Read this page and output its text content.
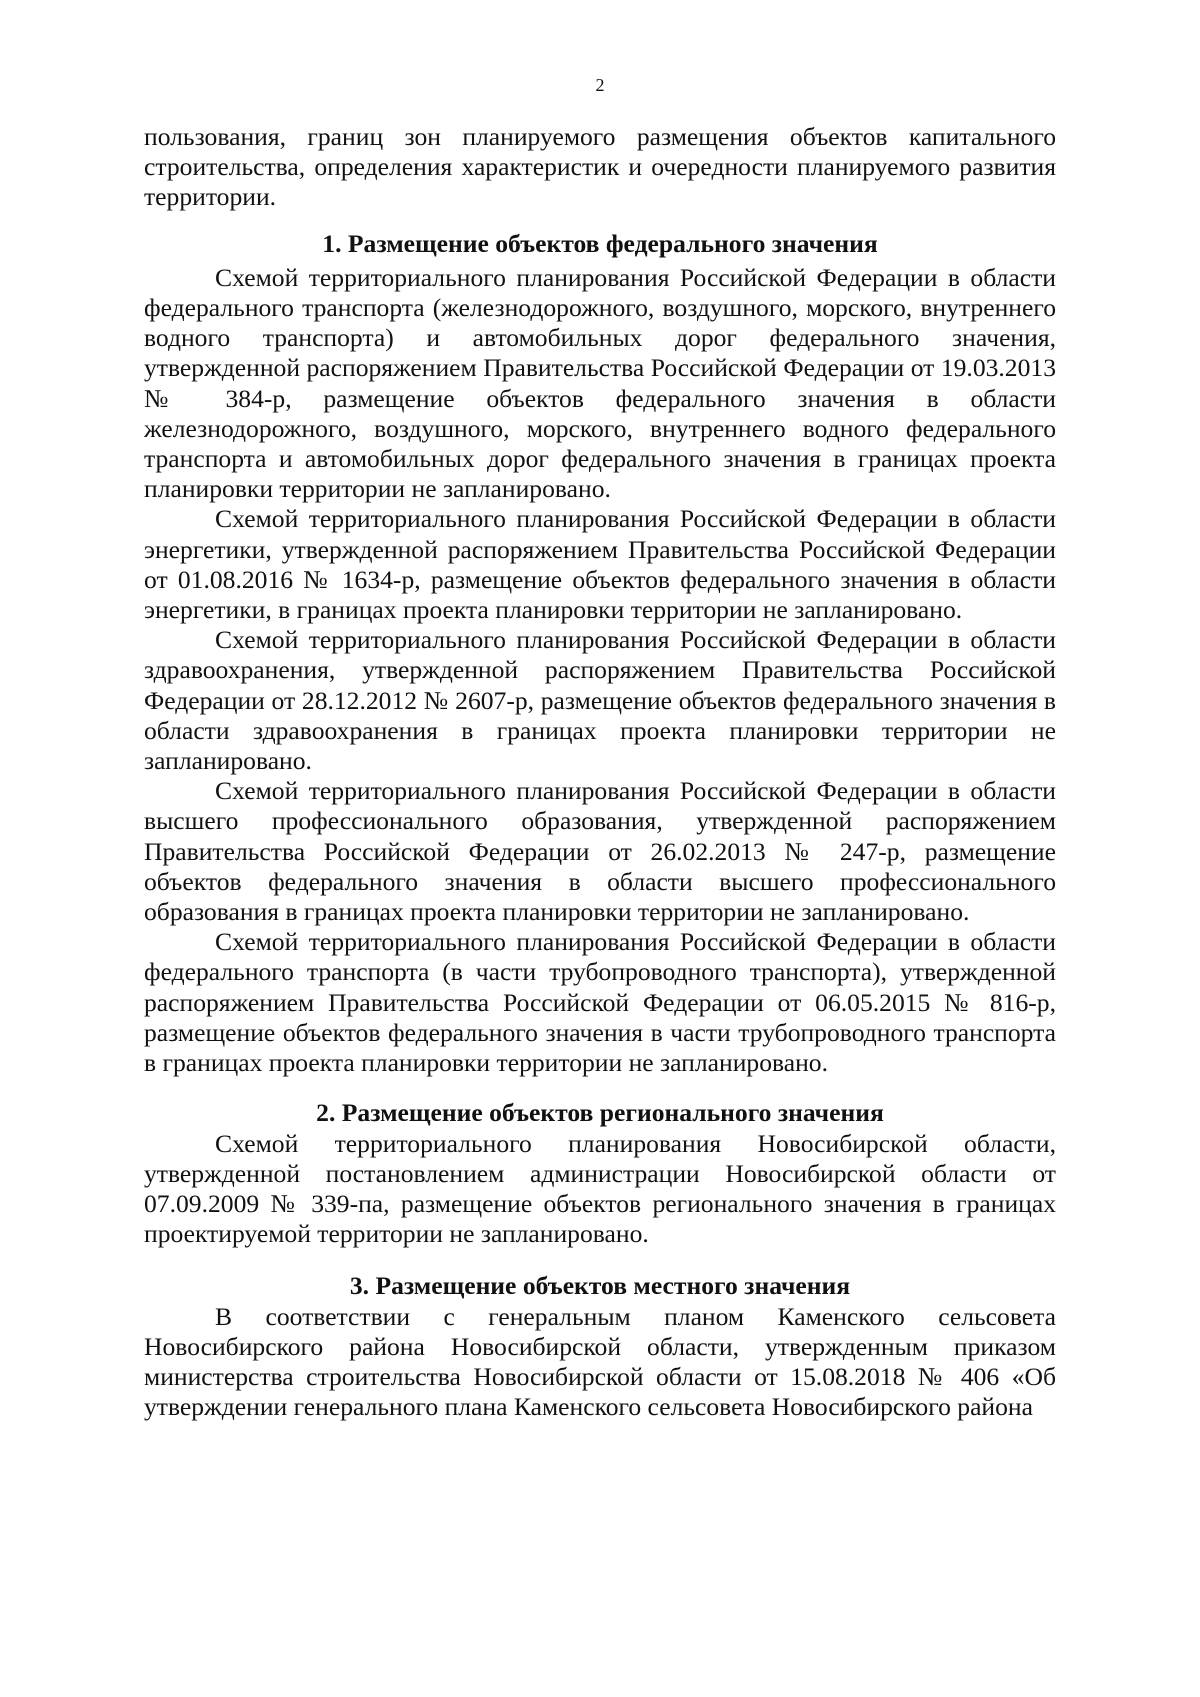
2

пользования, границ зон планируемого размещения объектов капитального строительства, определения характеристик и очередности планируемого развития территории.

1. Размещение объектов федерального значения

Схемой территориального планирования Российской Федерации в области федерального транспорта (железнодорожного, воздушного, морского, внутреннего водного транспорта) и автомобильных дорог федерального значения, утвержденной распоряжением Правительства Российской Федерации от 19.03.2013 № 384-р, размещение объектов федерального значения в области железнодорожного, воздушного, морского, внутреннего водного федерального транспорта и автомобильных дорог федерального значения в границах проекта планировки территории не запланировано.

Схемой территориального планирования Российской Федерации в области энергетики, утвержденной распоряжением Правительства Российской Федерации от 01.08.2016 № 1634-р, размещение объектов федерального значения в области энергетики, в границах проекта планировки территории не запланировано.

Схемой территориального планирования Российской Федерации в области здравоохранения, утвержденной распоряжением Правительства Российской Федерации от 28.12.2012 № 2607-р, размещение объектов федерального значения в области здравоохранения в границах проекта планировки территории не запланировано.

Схемой территориального планирования Российской Федерации в области высшего профессионального образования, утвержденной распоряжением Правительства Российской Федерации от 26.02.2013 № 247-р, размещение объектов федерального значения в области высшего профессионального образования в границах проекта планировки территории не запланировано.

Схемой территориального планирования Российской Федерации в области федерального транспорта (в части трубопроводного транспорта), утвержденной распоряжением Правительства Российской Федерации от 06.05.2015 № 816-р, размещение объектов федерального значения в части трубопроводного транспорта в границах проекта планировки территории не запланировано.

2. Размещение объектов регионального значения

Схемой территориального планирования Новосибирской области, утвержденной постановлением администрации Новосибирской области от 07.09.2009 № 339-па, размещение объектов регионального значения в границах проектируемой территории не запланировано.

3. Размещение объектов местного значения

В соответствии с генеральным планом Каменского сельсовета Новосибирского района Новосибирской области, утвержденным приказом министерства строительства Новосибирской области от 15.08.2018 № 406 «Об утверждении генерального плана Каменского сельсовета Новосибирского района
